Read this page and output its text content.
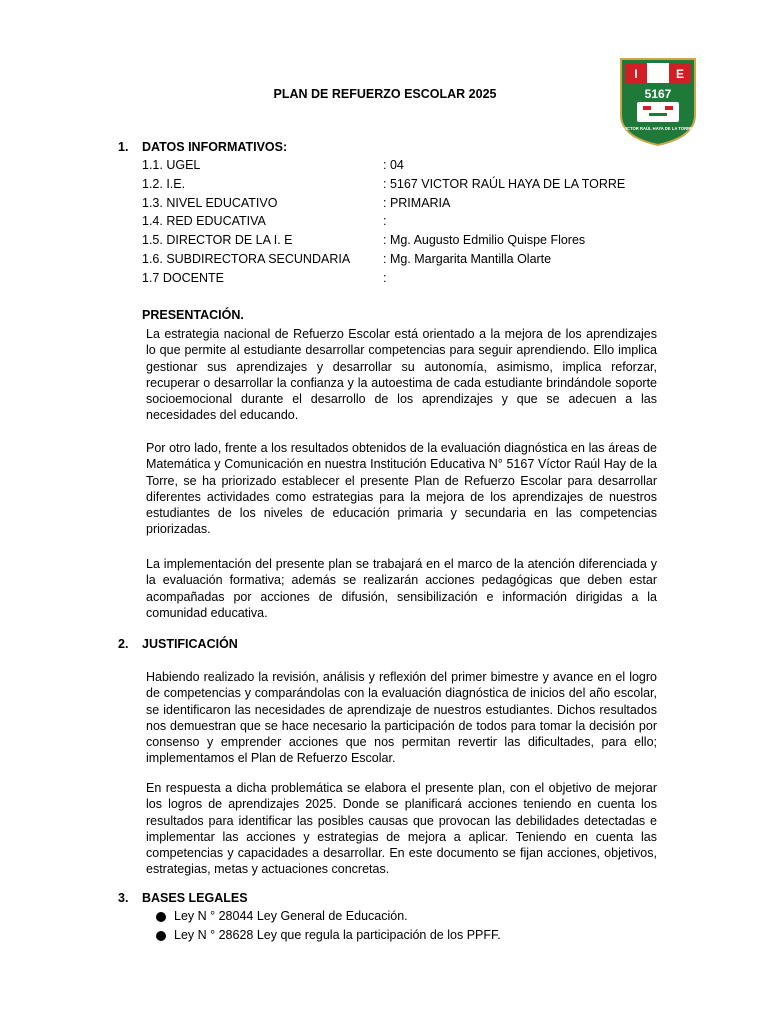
PLAN DE REFUERZO ESCOLAR 2025
I	E
5167
"VICTOR RAÚL HAYA DE LA TORRE"
1. DATOS INFORMATIVOS:
1.1. UGEL	: 04
1.2. I.E.	: 5167 VICTOR RAÚL HAYA DE LA TORRE
1.3. NIVEL EDUCATIVO	: PRIMARIA
1.4. RED EDUCATIVA	:
1.5. DIRECTOR DE LA I. E	: Mg. Augusto Edmilio Quispe Flores
1.6. SUBDIRECTORA SECUNDARIA	: Mg. Margarita Mantilla Olarte
1.7 DOCENTE	:
PRESENTACIÓN.
La estrategia nacional de Refuerzo Escolar está orientado a la mejora de los aprendizajes lo que permite al estudiante desarrollar competencias para seguir aprendiendo. Ello implica gestionar sus aprendizajes y desarrollar su autonomía, asimismo, implica reforzar, recuperar o desarrollar la confianza y la autoestima de cada estudiante brindándole soporte socioemocional durante el desarrollo de los aprendizajes y que se adecuen a las necesidades del educando.
Por otro lado, frente a los resultados obtenidos de la evaluación diagnóstica en las áreas de Matemática y Comunicación en nuestra Institución Educativa N° 5167 Víctor Raúl Hay de la Torre, se ha priorizado establecer el presente Plan de Refuerzo Escolar para desarrollar diferentes actividades como estrategias para la mejora de los aprendizajes de nuestros estudiantes de los niveles de educación primaria y secundaria en las competencias priorizadas.
La implementación del presente plan se trabajará en el marco de la atención diferenciada y la evaluación formativa; además se realizarán acciones pedagógicas que deben estar acompañadas por acciones de difusión, sensibilización e información dirigidas a la comunidad educativa.
2. JUSTIFICACIÓN
Habiendo realizado la revisión, análisis y reflexión del primer bimestre y avance en el logro de competencias y comparándolas con la evaluación diagnóstica de inicios del año escolar, se identificaron las necesidades de aprendizaje de nuestros estudiantes. Dichos resultados nos demuestran que se hace necesario la participación de todos para tomar la decisión por consenso y emprender acciones que nos permitan revertir las dificultades, para ello; implementamos el Plan de Refuerzo Escolar.
En respuesta a dicha problemática se elabora el presente plan, con el objetivo de mejorar los logros de aprendizajes 2025. Donde se planificará acciones teniendo en cuenta los resultados para identificar las posibles causas que provocan las debilidades detectadas e implementar las acciones y estrategias de mejora a aplicar. Teniendo en cuenta las competencias y capacidades a desarrollar. En este documento se fijan acciones, objetivos, estrategias, metas y actuaciones concretas.
3. BASES LEGALES
Ley N ° 28044 Ley General de Educación.
Ley N ° 28628 Ley que regula la participación de los PPFF.
